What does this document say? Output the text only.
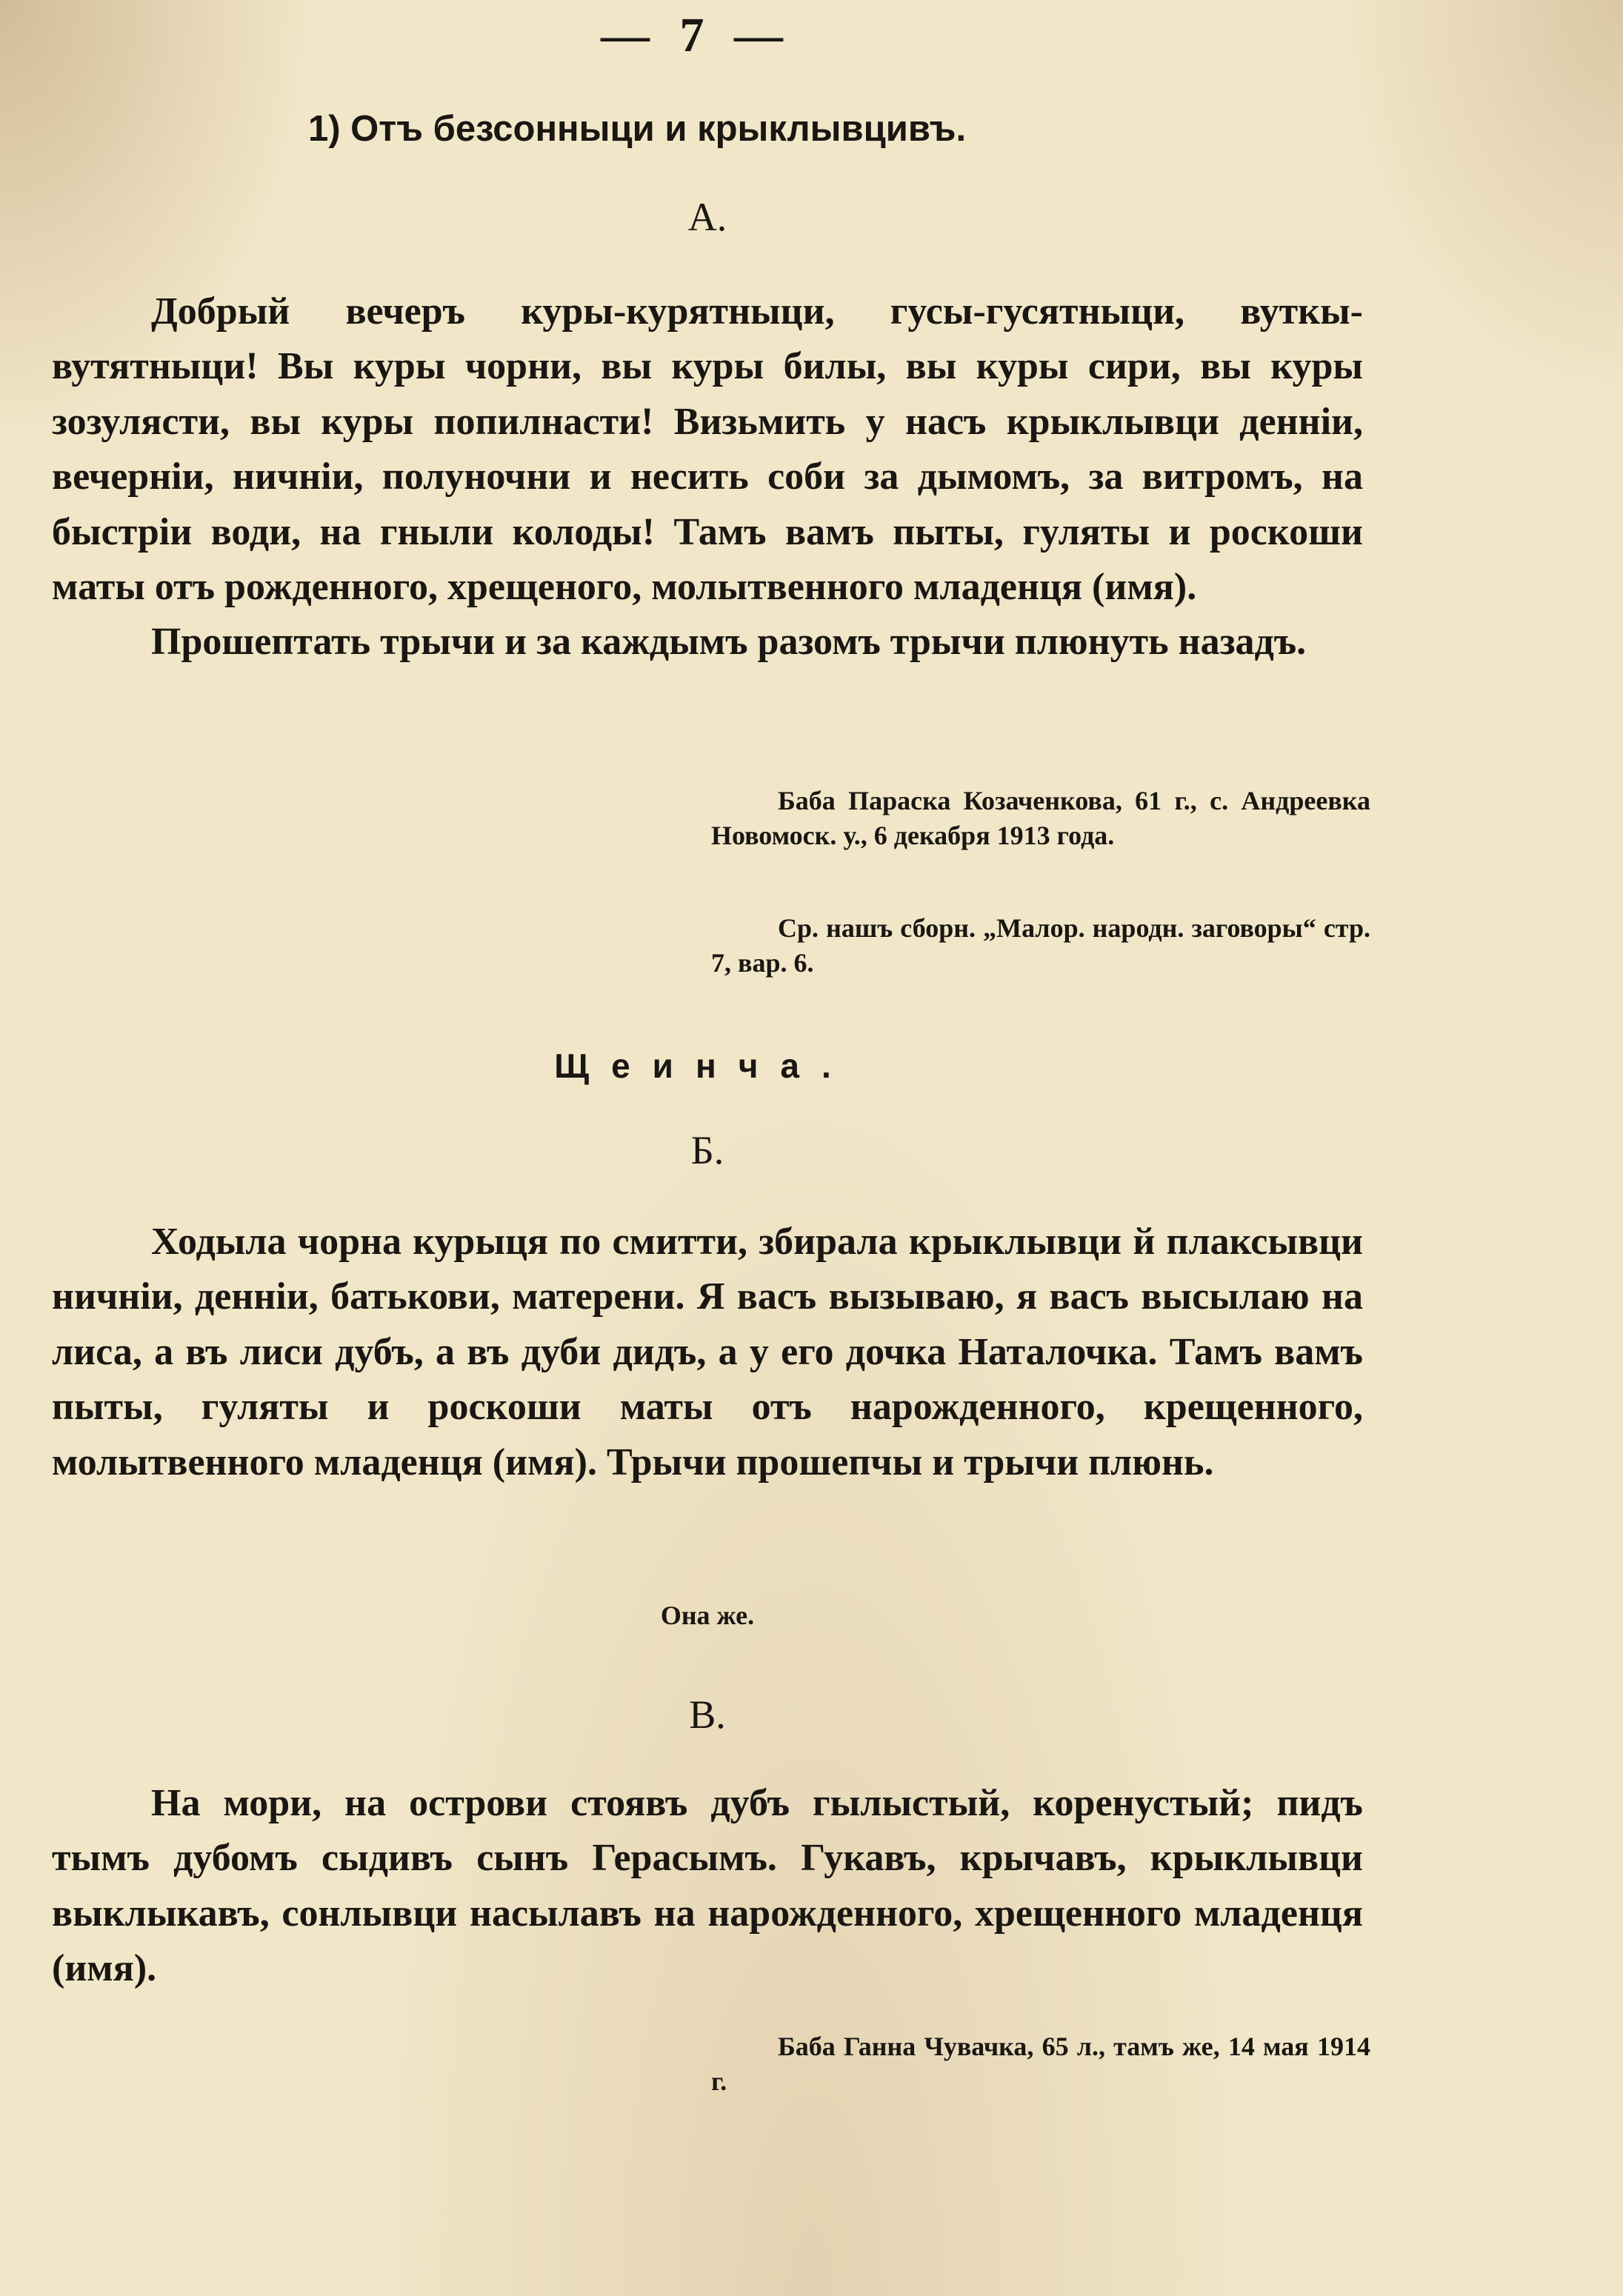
— 7 —
1) Отъ безсонныци и крыклывцивъ.
А.

Добрый вечеръ куры-курятныци, гусы-гусятныци, вуткы-вутятныци! Вы куры чорни, вы куры билы, вы куры сири, вы куры зозулясти, вы куры попилнасти! Визьмить у насъ крыклывци денніи, вечерніи, ничніи, полуночни и несить соби за дымомъ, за витромъ, на быстріи води, на гныли колоды! Тамъ вамъ пыты, гуляты и роскоши маты отъ рожденного, хрещеного, молытвенного младенця (имя).

Прошептать трычи и за каждымъ разомъ трычи плюнуть назадъ.

Баба Параска Козаченкова, 61 г., с. Андреевка Новомоск. у., 6 декабря 1913 года.

Ср. нашъ сборн. „Малор. народн. заговоры“ стр. 7, вар. 6.

Щеинча.
Б.

Ходыла чорна курыця по смитти, збирала крыклывци й плаксывци ничніи, денніи, батькови, матерени. Я васъ вызываю, я васъ высылаю на лиса, а въ лиси дубъ, а въ дуби дидъ, а у его дочка Наталочка. Тамъ вамъ пыты, гуляты и роскоши маты отъ нарожденного, крещенного, молытвенного младенця (имя). Трычи прошепчы и трычи плюнь.

Она же.
В.

На мори, на острови стоявъ дубъ гылыстый, коренустый; пидъ тымъ дубомъ сыдивъ сынъ Герасымъ. Гукавъ, крычавъ, крыклывци выклыкавъ, сонлывци насылавъ на нарожденного, хрещенного младенця (имя).

Баба Ганна Чувачка, 65 л., тамъ же, 14 мая 1914 г.
